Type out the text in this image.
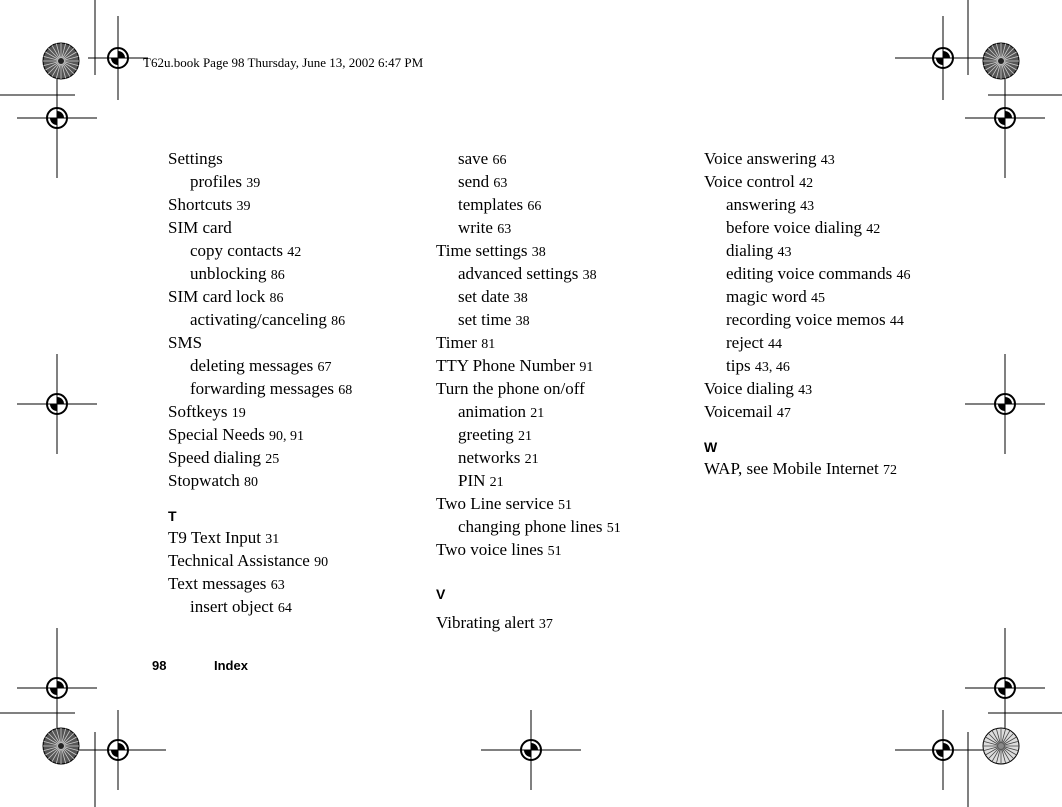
T62u.book Page 98 Thursday, June 13, 2002 6:47 PM
Settings
profiles 39
Shortcuts 39
SIM card
copy contacts 42
unblocking 86
SIM card lock 86
activating/canceling 86
SMS
deleting messages 67
forwarding messages 68
Softkeys 19
Special Needs 90, 91
Speed dialing 25
Stopwatch 80
T
T9 Text Input 31
Technical Assistance 90
Text messages 63
insert object 64
save 66
send 63
templates 66
write 63
Time settings 38
advanced settings 38
set date 38
set time 38
Timer 81
TTY Phone Number 91
Turn the phone on/off
animation 21
greeting 21
networks 21
PIN 21
Two Line service 51
changing phone lines 51
Two voice lines 51
V
Vibrating alert 37
Voice answering 43
Voice control 42
answering 43
before voice dialing 42
dialing 43
editing voice commands 46
magic word 45
recording voice memos 44
reject 44
tips 43, 46
Voice dialing 43
Voicemail 47
W
WAP, see Mobile Internet 72
98	Index
